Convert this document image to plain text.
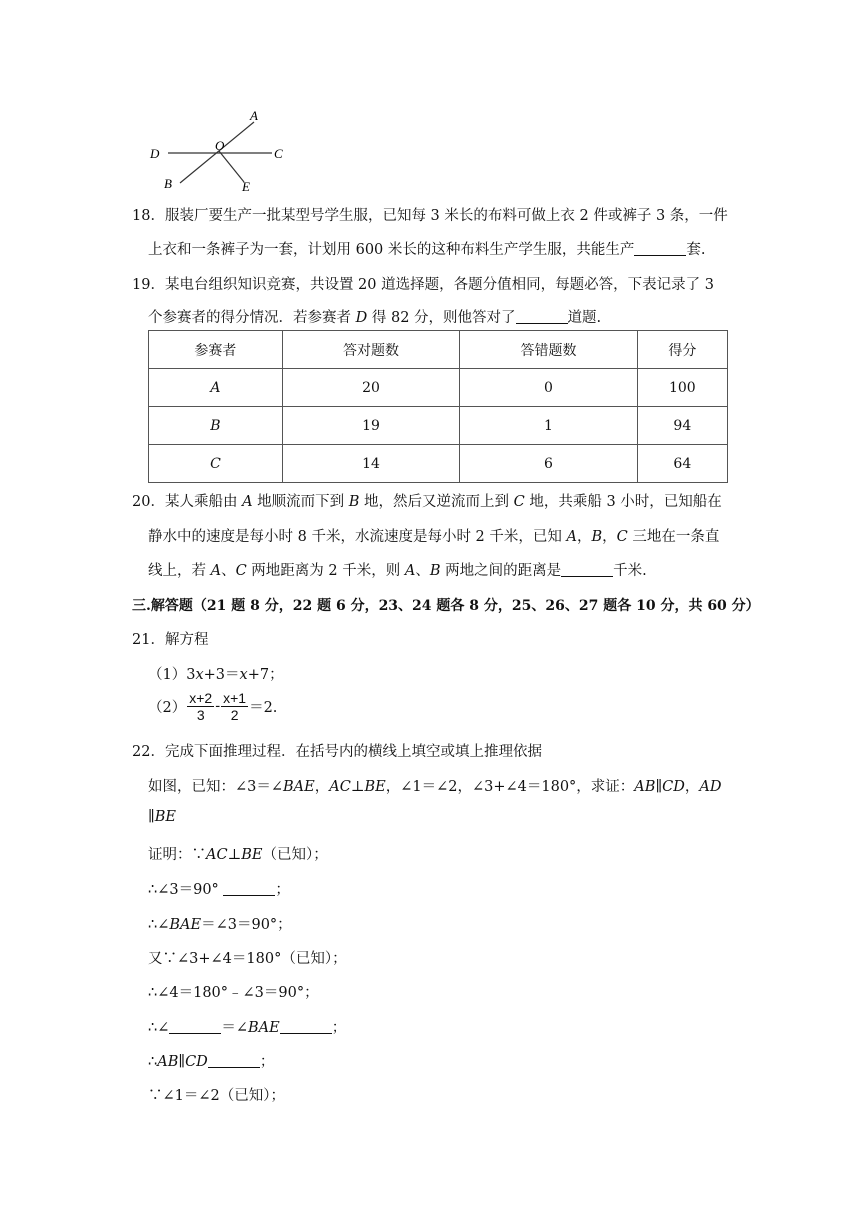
A
O
D	C
B	E
18．服装厂要生产一批某型号学生服，已知每 3 米长的布料可做上衣 2 件或裤子 3 条，一件
上衣和一条裤子为一套，计划用 600 米长的这种布料生产学生服，共能生产	套.
19．某电台组织知识竞赛，共设置 20 道选择题，各题分值相同，每题必答，下表记录了 3
个参赛者的得分情况．若参赛者 D 得 82 分，则他答对了	道题.
参赛者	答对题数	答错题数	得分
A	20	0	100
B	19	1	94
C	14	6	64
20．某人乘船由 A 地顺流而下到 B 地，然后又逆流而上到 C 地，共乘船 3 小时，已知船在
静水中的速度是每小时 8 千米，水流速度是每小时 2 千米，已知 A，B，C 三地在一条直
线上，若 A、C 两地距离为 2 千米，则 A、B 两地之间的距离是	千米.
三.解答题（21 题 8 分，22 题 6 分，23、24 题各 8 分，25、26、27 题各 10 分，共 60 分）
21．解方程
（1）3x+3＝x+7；
$(2) \frac{x+2}{3} - \frac{x+1}{2} =2$.
22．完成下面推理过程．在括号内的横线上填空或填上推理依据
如图，已知：∠3＝∠BAE，AC⊥BE，∠1＝∠2，∠3+∠4＝180°，求证：AB∥CD，AD
∥BE
证明：∵AC⊥BE（已知）；
∴∠3＝90°	；
∴∠BAE＝∠3＝90°；
又∵∠3+∠4＝180°（已知）；
∴∠4＝180°﹣∠3＝90°；
∴∠	＝∠BAE	；
∴AB∥CD	；
∵∠1＝∠2（已知）；
